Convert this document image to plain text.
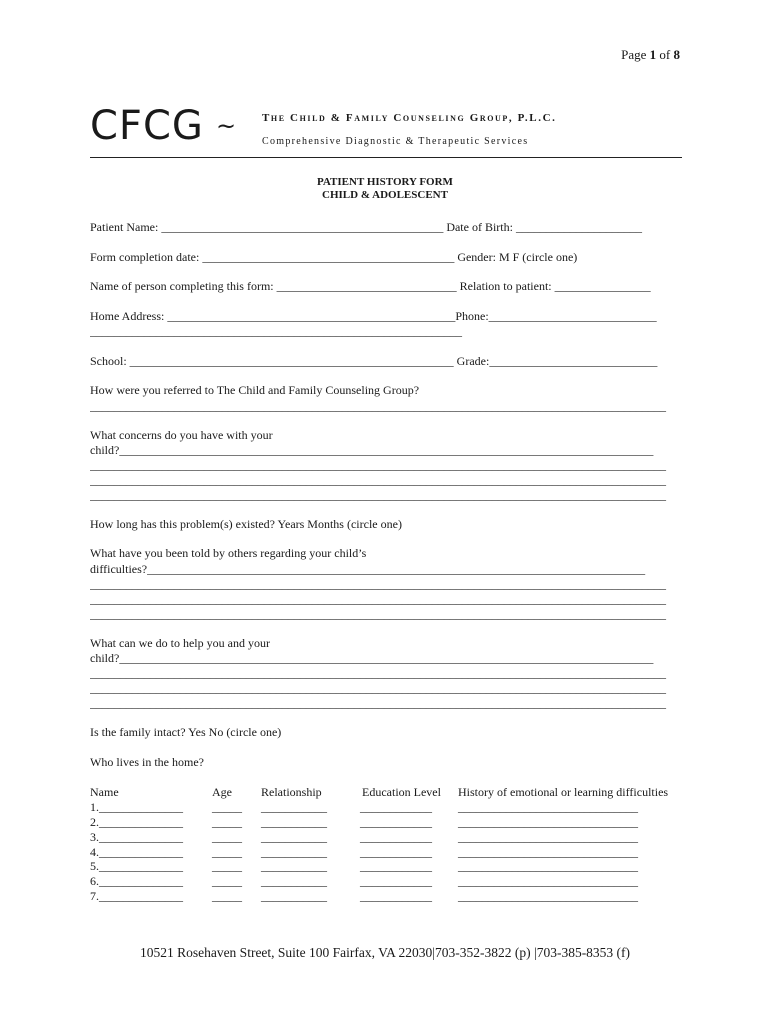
Page 1 of 8
CFCG ~ The Child & Family Counseling Group, P.L.C.
Comprehensive Diagnostic & Therapeutic Services
PATIENT HISTORY FORM
CHILD & ADOLESCENT
Patient Name: _______________________________________________ Date of Birth: _____________________
Form completion date: __________________________________________ Gender: M F (circle one)
Name of person completing this form: ______________________________ Relation to patient: ________________
Home Address: ________________________________________________Phone:____________________________
______________________________________________________________
School: ______________________________________________________ Grade:____________________________
How were you referred to The Child and Family Counseling Group?
________________________________________________________________________________________________
What concerns do you have with your
child?_________________________________________________________________________________________
________________________________________________________________________________________________
________________________________________________________________________________________________
________________________________________________________________________________________________
How long has this problem(s) existed? Years Months (circle one)
What have you been told by others regarding your child’s
difficulties?___________________________________________________________________________________
________________________________________________________________________________________________
________________________________________________________________________________________________
________________________________________________________________________________________________
What can we do to help you and your
child?_________________________________________________________________________________________
________________________________________________________________________________________________
________________________________________________________________________________________________
________________________________________________________________________________________________
Is the family intact? Yes No (circle one)
Who lives in the home?
Name	Age Relationship	Education Level History of emotional or learning difficulties
1.______________ _____ ___________	____________ ______________________________
2.______________ _____ ___________	____________ ______________________________
3.______________ _____ ___________	____________ ______________________________
4.______________ _____ ___________	____________ ______________________________
5.______________ _____ ___________	____________ ______________________________
6.______________ _____ ___________	____________ ______________________________
7.______________ _____ ___________	____________ ______________________________
10521 Rosehaven Street, Suite 100 Fairfax, VA 22030|703-352-3822 (p) |703-385-8353 (f)
